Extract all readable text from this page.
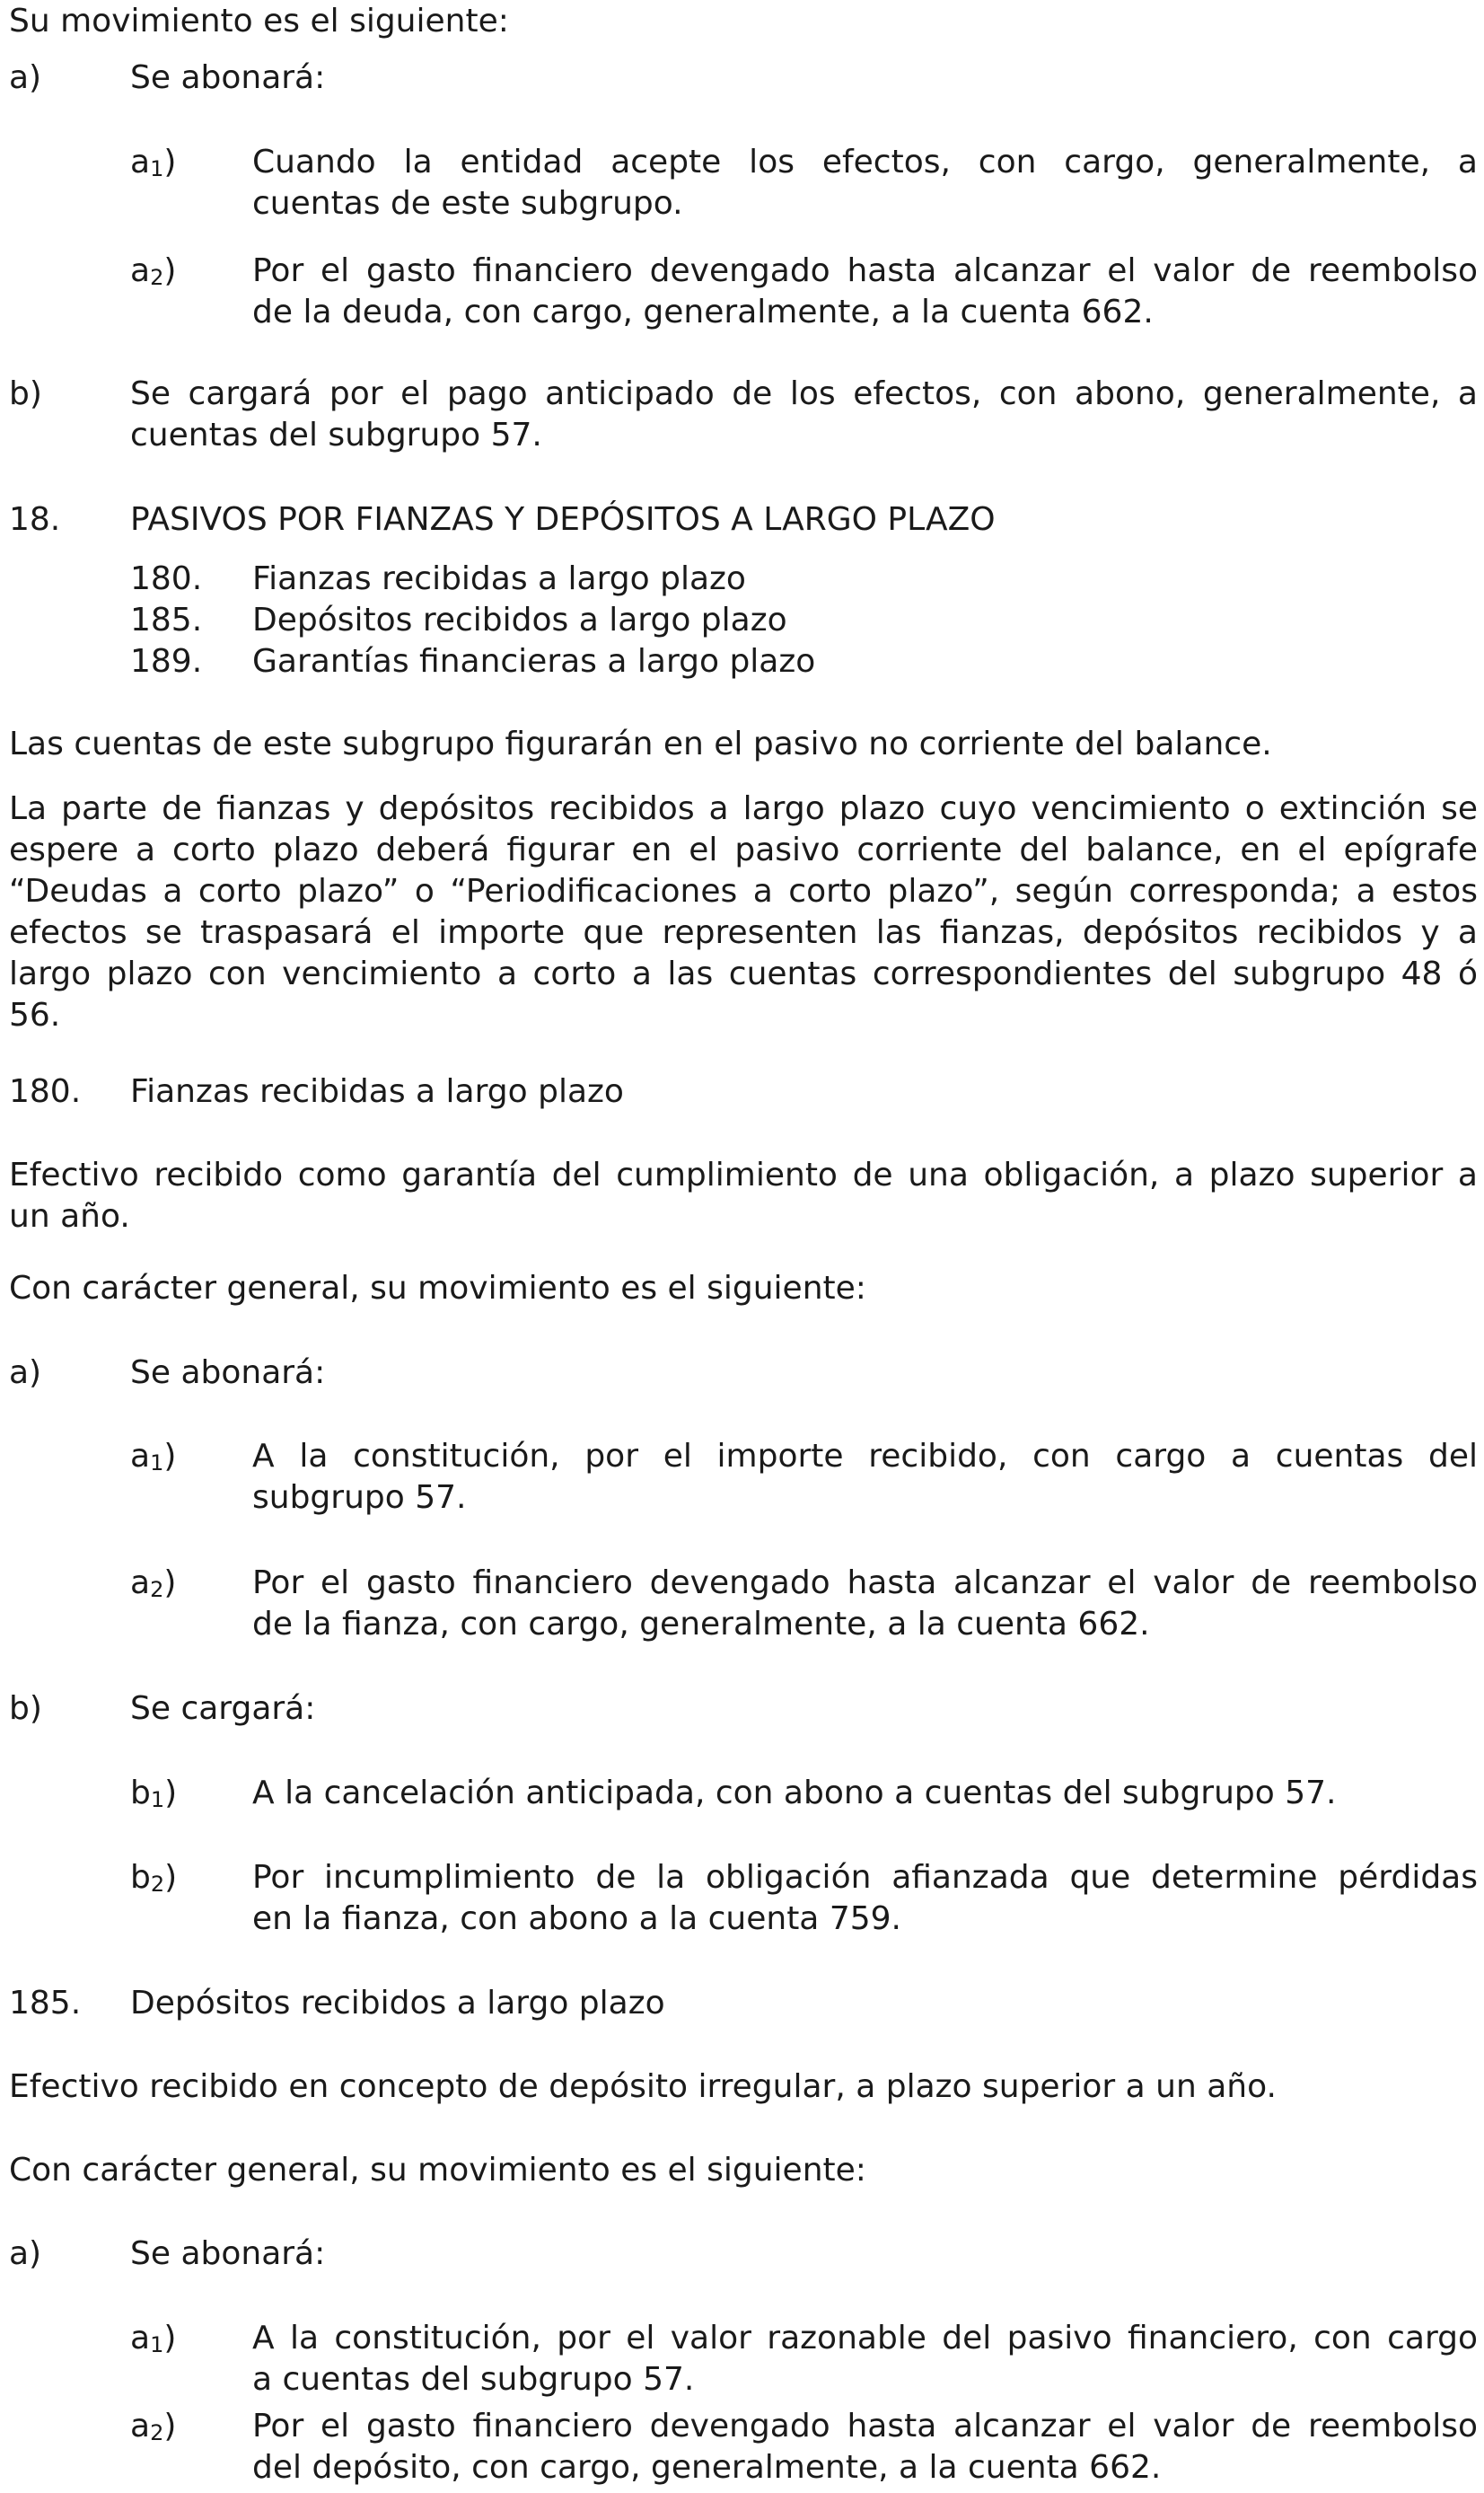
Su movimiento es el siguiente:

a)	Se abonará:
a1) Cuando la entidad acepte los efectos, con cargo, generalmente, a

cuentas de este subgrupo.

a2) Por el gasto financiero devengado hasta alcanzar el valor de reembolso

de la deuda, con cargo, generalmente, a la cuenta 662.

b)	Se cargará por el pago anticipado de los efectos, con abono, generalmente, a

cuentas del subgrupo 57.

18. PASIVOS POR FIANZAS Y DEPÓSITOS A LARGO PLAZO
180. Fianzas recibidas a largo plazo
185. Depósitos recibidos a largo plazo
189. Garantías financieras a largo plazo

Las cuentas de este subgrupo figurarán en el pasivo no corriente del balance.

La parte de fianzas y depósitos recibidos a largo plazo cuyo vencimiento o extinción se

espere a corto plazo deberá figurar en el pasivo corriente del balance, en el epígrafe

“Deudas a corto plazo” o “Periodificaciones a corto plazo”, según corresponda; a estos

efectos se traspasará el importe que representen las fianzas, depósitos recibidos y a

largo plazo con vencimiento a corto a las cuentas correspondientes del subgrupo 48 ó

56.

180. Fianzas recibidas a largo plazo

Efectivo recibido como garantía del cumplimiento de una obligación, a plazo superior a

un año.

Con carácter general, su movimiento es el siguiente:

a)	Se abonará:
a1) A la constitución, por el importe recibido, con cargo a cuentas del

subgrupo 57.

a2) Por el gasto financiero devengado hasta alcanzar el valor de reembolso

de la fianza, con cargo, generalmente, a la cuenta 662.

b)	Se cargará:
b1) A la cancelación anticipada, con abono a cuentas del subgrupo 57.

b2) Por incumplimiento de la obligación afianzada que determine pérdidas

en la fianza, con abono a la cuenta 759.

185. Depósitos recibidos a largo plazo

Efectivo recibido en concepto de depósito irregular, a plazo superior a un año.

Con carácter general, su movimiento es el siguiente:

a)	Se abonará:
a1) A la constitución, por el valor razonable del pasivo financiero, con cargo

a cuentas del subgrupo 57.

a2) Por el gasto financiero devengado hasta alcanzar el valor de reembolso

del depósito, con cargo, generalmente, a la cuenta 662.
